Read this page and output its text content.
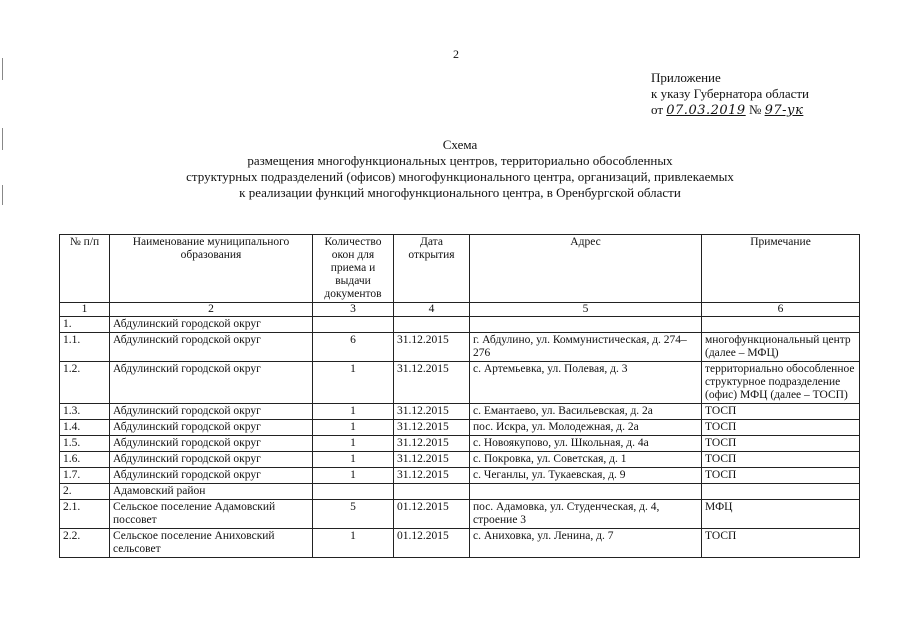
2
Приложение
к указу Губернатора области
от 07.03.2019 № 97-ук
Схема
размещения многофункциональных центров, территориально обособленных
структурных подразделений (офисов) многофункционального центра, организаций, привлекаемых
к реализации функций многофункционального центра, в Оренбургской области
№ п/п	Наименование муниципального образования	Количество окон для приема и выдачи документов	Дата открытия	Адрес	Примечание
1	2	3	4	5	6
1.	Абдулинский городской округ				
1.1.	Абдулинский городской округ	6	31.12.2015	г. Абдулино, ул. Коммунистическая, д. 274–276	многофункциональный центр (далее – МФЦ)
1.2.	Абдулинский городской округ	1	31.12.2015	с. Артемьевка, ул. Полевая, д. 3	территориально обособленное структурное подразделение (офис) МФЦ (далее – ТОСП)
1.3.	Абдулинский городской округ	1	31.12.2015	с. Емантаево, ул. Васильевская, д. 2а	ТОСП
1.4.	Абдулинский городской округ	1	31.12.2015	пос. Искра, ул. Молодежная, д. 2а	ТОСП
1.5.	Абдулинский городской округ	1	31.12.2015	с. Новоякупово, ул. Школьная, д. 4а	ТОСП
1.6.	Абдулинский городской округ	1	31.12.2015	с. Покровка, ул. Советская, д. 1	ТОСП
1.7.	Абдулинский городской округ	1	31.12.2015	с. Чеганлы, ул. Тукаевская, д. 9	ТОСП
2.	Адамовский район				
2.1.	Сельское поселение Адамовский поссовет	5	01.12.2015	пос. Адамовка, ул. Студенческая, д. 4, строение 3	МФЦ
2.2.	Сельское поселение Аниховский сельсовет	1	01.12.2015	с. Аниховка, ул. Ленина, д. 7	ТОСП
